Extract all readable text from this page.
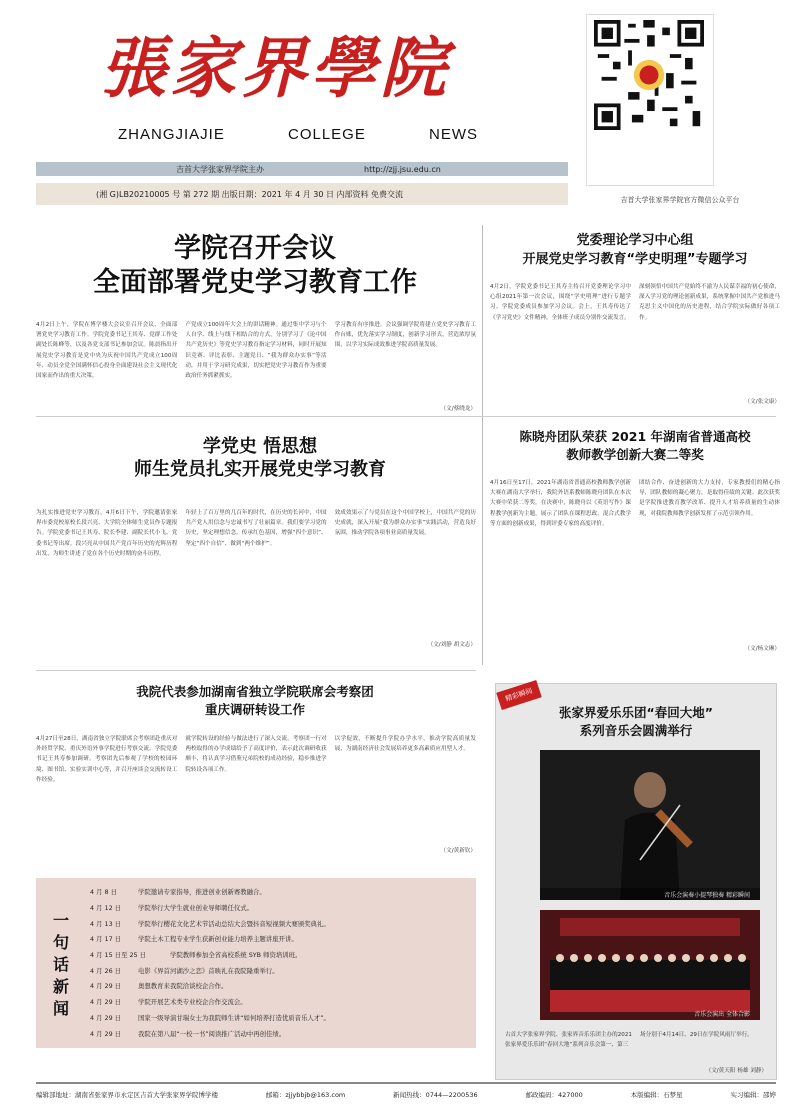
張家界學院
ZHANGJIAJIE	COLLEGE	NEWS
吉首大学张家界学院官方微信公众平台
吉首大学张家界学院主办	http://zjj.jsu.edu.cn
(湘 G)LB20210005 号 第 272 期 出版日期：2021 年 4 月 30 日 内部资料 免费交流
学院召开会议
全面部署党史学习教育工作
4月2日上午，学院在博学楼大会议室召开会议，全面部署党史学习教育工作。学院党委书记王其寿、党群工作处副处长陈峰等，以及各党支部书记参加会议。陈晨指出开展党史学习教育是党中央为庆祝中国共产党成立100周年、动员全党全国满怀信心投身全面建设社会主义现代化国家而作出的重大决策。
产党成立100周年大会上的讲话精神。通过集中学习与个人自学、线上与线下相结合的方式，分别学习了《论中国共产党历史》等党史学习教育指定学习材料，同时开展知识竞赛、评比表彰、主题党日、“我为群众办实事”等活动，并用于学习研究成果，切实把党史学习教育作为重要政治任务抓紧抓实。
学习教育有序推进。会议强调学院将建立党史学习教育工作台账，优先落实学习制度，创新学习形式，营造浓厚氛围，以学习实际成效推进学院高质量发展。
（文/蔡晓龙）
党委理论学习中心组
开展党史学习教育“学史明理”专题学习
4月2日，学院党委书记王其寿主持召开党委理论学习中心组2021年第一次会议，围绕“学史明理”进行专题学习。学院党委成员参加学习会议。会上，王其寿传达了《学习党史》文件精神，全体班子成员分别作交流发言。
深刻领悟中国共产党始终不渝为人民谋幸福的初心使命，深入学习党的理论创新成果，系统掌握中国共产党推进马克思主义中国化的历史进程，结合学院实际做好各项工作。
（文/张文康）
学党史 悟思想
师生党员扎实开展党史学习教育
为扎实推进党史学习教育，4月6日下午，学院邀请张家界市委党校原校长段兴亮、大学院全体师生党员作专题报告。学院党委书记王其寿、院长李建、副院长代小飞、党委书记等出席。段兴亮从中国共产党百年历史的光辉历程出发，为师生讲述了党在各个历史时期的奋斗历程。
年轻上了百万里的几百年的时代，在历史的长河中，中国共产党人用信念与忠诚书写了壮丽篇章。我们要学习党的历史，坚定理想信念，传承红色基因，增强“四个意识”、坚定“四个自信”、做到“两个维护”。
效成效果示了与党员在这个中国学校上，中国共产党的历史成就，深入开展“我为群众办实事”实践活动，营造良好氛围，推动学院各项事业高质量发展。
（文/刘静 胡文志）
陈晓舟团队荣获 2021 年湖南省普通高校
教师教学创新大赛二等奖
4月16日至17日，2021年湖南省普通高校教师教学创新大赛在湖南大学举行，我院外语系教师陈晓舟团队在本次大赛中荣获二等奖。在决赛中，陈晓舟以《英语写作》课程教学创新为主题，展示了团队在课程思政、混合式教学等方面的创新成果，得到评委专家的高度评价。
团结合作、奋进创新的大力支持，专家教授们的精心指导，团队教师的凝心聚力，是取得佳绩的关键。此次获奖是学院推进教育教学改革、提升人才培养质量的生动体现，对我院教师教学创新发挥了示范引领作用。
（文/杨文琳）
我院代表参加湖南省独立学院联席会考察团
重庆调研转设工作
4月27日至28日，湖南省独立学院联席会考察团赴重庆对外经贸学院、重庆外语外事学院进行考察交流。学院党委书记王其寿参加调研。考察团先后参观了学校的校园环境、图书馆、实验实训中心等，并召开座谈会交流转设工作经验。
就学院转设的经验与做法进行了深入交流，考察团一行对两校取得的办学成绩给予了高度评价，表示此次调研收获颇丰，将认真学习借鉴兄弟院校的成功经验，稳步推进学院转设各项工作。
以学促效，不断提升学院办学水平，推动学院高质量发展，为湖南经济社会发展培养更多高素质应用型人才。
（文/黄新钦）
精彩瞬间
张家界爱乐乐团“春回大地”
系列音乐会圆满举行
音乐会演奏小提琴独奏 精彩瞬间
音乐会演出 全体合影
古首大学张家界学院、张家界音乐乐团主办的2021张家界爱乐乐团“春回大地”系列音乐会第一、第三
场分别于4月14日、29日在学院风雨厅举行。
（文/黄天阳 杨雄 刘静）
一句话新闻
4 月 8 日	学院邀请专家指导，推进创业创新赛教融合。
4 月 12 日	学院举行大学生就业创业导师聘任仪式。
4 月 13 日	学院举行樱花文化艺术节活动总结大会暨抖音短视频大赛颁奖典礼。
4 月 17 日	学院土木工程专业学生获新创业能力培养主题讲座开讲。
4 月 15 日至 25 日	学院教师参加全省高校系统 SYB 师资培训班。
4 月 26 日	电影《界首河湖沙之恋》首映礼在我院隆重举行。
4 月 29 日	奥想教育来我院洽谈校企合作。
4 月 29 日	学院开展艺术类专业校企合作交流会。
4 月 29 日	国家一级导演甘瑞女士为我院师生讲“如何培养打造优质音乐人才”。
4 月 29 日	我院在第八届“一校一书”阅读推广活动中再创佳绩。
编辑部地址：湖南省张家界市永定区吉首大学张家界学院博学楼	邮箱：zjjybbjb@163.com	新闻热线：0744—2200536	邮政编码：427000	本版编辑：石梦星	实习编辑：邵婷
